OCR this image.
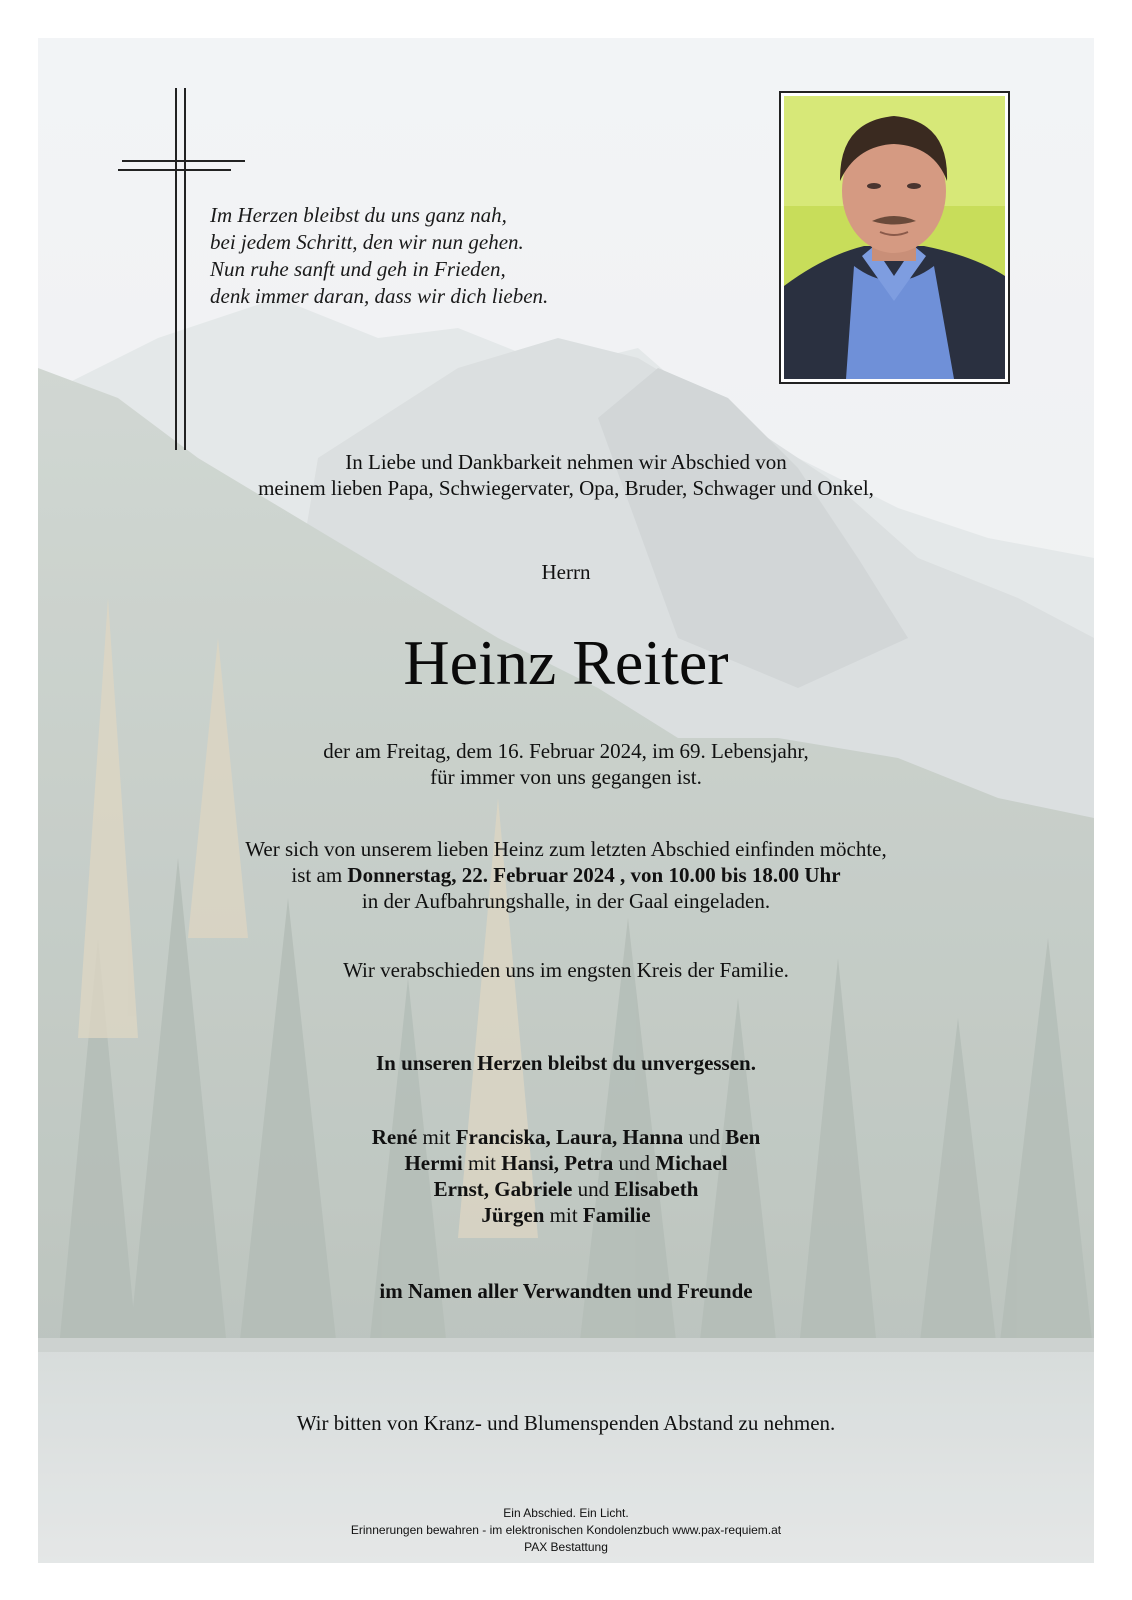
Im Herzen bleibst du uns ganz nah,
bei jedem Schritt, den wir nun gehen.
Nun ruhe sanft und geh in Frieden,
denk immer daran, dass wir dich lieben.
In Liebe und Dankbarkeit nehmen wir Abschied von
meinem lieben Papa, Schwiegervater, Opa, Bruder, Schwager und Onkel,
Herrn
Heinz Reiter
der am Freitag, dem 16. Februar 2024, im 69. Lebensjahr,
für immer von uns gegangen ist.
Wer sich von unserem lieben Heinz zum letzten Abschied einfinden möchte,
ist am Donnerstag, 22. Februar 2024 , von 10.00 bis 18.00 Uhr
in der Aufbahrungshalle, in der Gaal eingeladen.
Wir verabschieden uns im engsten Kreis der Familie.
In unseren Herzen bleibst du unvergessen.
René mit Franciska, Laura, Hanna und Ben
Hermi mit Hansi, Petra und Michael
Ernst, Gabriele und Elisabeth
Jürgen mit Familie
im Namen aller Verwandten und Freunde
Wir bitten von Kranz- und Blumenspenden Abstand zu nehmen.
Ein Abschied. Ein Licht.
Erinnerungen bewahren - im elektronischen Kondolenzbuch www.pax-requiem.at
PAX Bestattung
